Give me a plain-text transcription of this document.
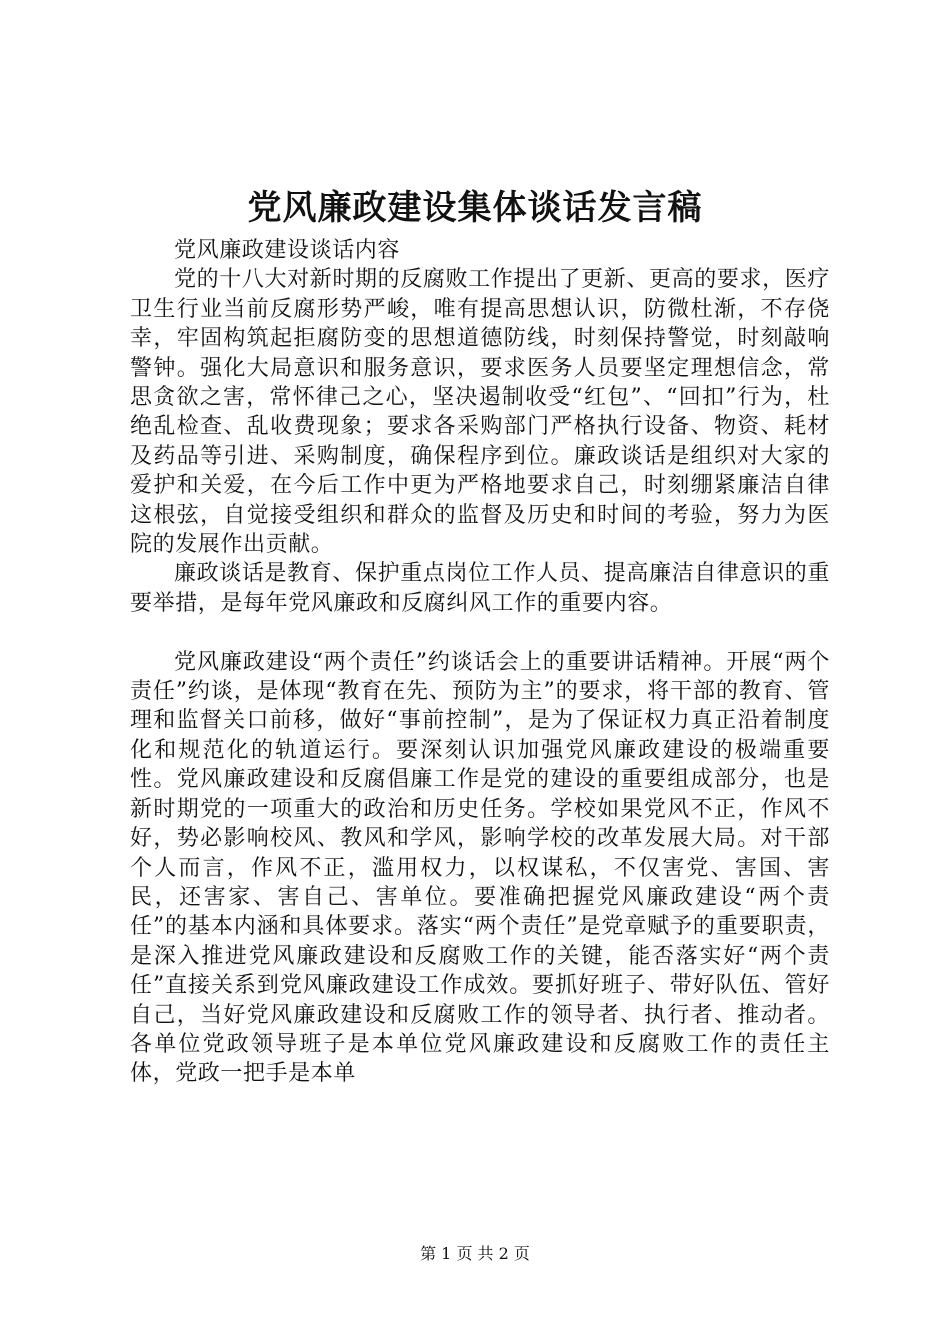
党风廉政建设集体谈话发言稿

党风廉政建设谈话内容

党的十八大对新时期的反腐败工作提出了更新、更高的要求，医疗卫生行业当前反腐形势严峻，唯有提高思想认识，防微杜渐，不存侥幸，牢固构筑起拒腐防变的思想道德防线，时刻保持警觉，时刻敲响警钟。强化大局意识和服务意识，要求医务人员要坚定理想信念，常思贪欲之害，常怀律己之心，坚决遏制收受“红包”、“回扣”行为，杜绝乱检查、乱收费现象；要求各采购部门严格执行设备、物资、耗材及药品等引进、采购制度，确保程序到位。廉政谈话是组织对大家的爱护和关爱，在今后工作中更为严格地要求自己，时刻绷紧廉洁自律这根弦，自觉接受组织和群众的监督及历史和时间的考验，努力为医院的发展作出贡献。

廉政谈话是教育、保护重点岗位工作人员、提高廉洁自律意识的重要举措，是每年党风廉政和反腐纠风工作的重要内容。

党风廉政建设“两个责任”约谈话会上的重要讲话精神。开展“两个责任”约谈，是体现“教育在先、预防为主”的要求，将干部的教育、管理和监督关口前移，做好“事前控制”，是为了保证权力真正沿着制度化和规范化的轨道运行。要深刻认识加强党风廉政建设的极端重要性。党风廉政建设和反腐倡廉工作是党的建设的重要组成部分，也是新时期党的一项重大的政治和历史任务。学校如果党风不正，作风不好，势必影响校风、教风和学风，影响学校的改革发展大局。对干部个人而言，作风不正，滥用权力，以权谋私，不仅害党、害国、害民，还害家、害自己、害单位。要准确把握党风廉政建设“两个责任”的基本内涵和具体要求。落实“两个责任”是党章赋予的重要职责，是深入推进党风廉政建设和反腐败工作的关键，能否落实好“两个责任”直接关系到党风廉政建设工作成效。要抓好班子、带好队伍、管好自己，当好党风廉政建设和反腐败工作的领导者、执行者、推动者。各单位党政领导班子是本单位党风廉政建设和反腐败工作的责任主体，党政一把手是本单

第 1 页 共 2 页
